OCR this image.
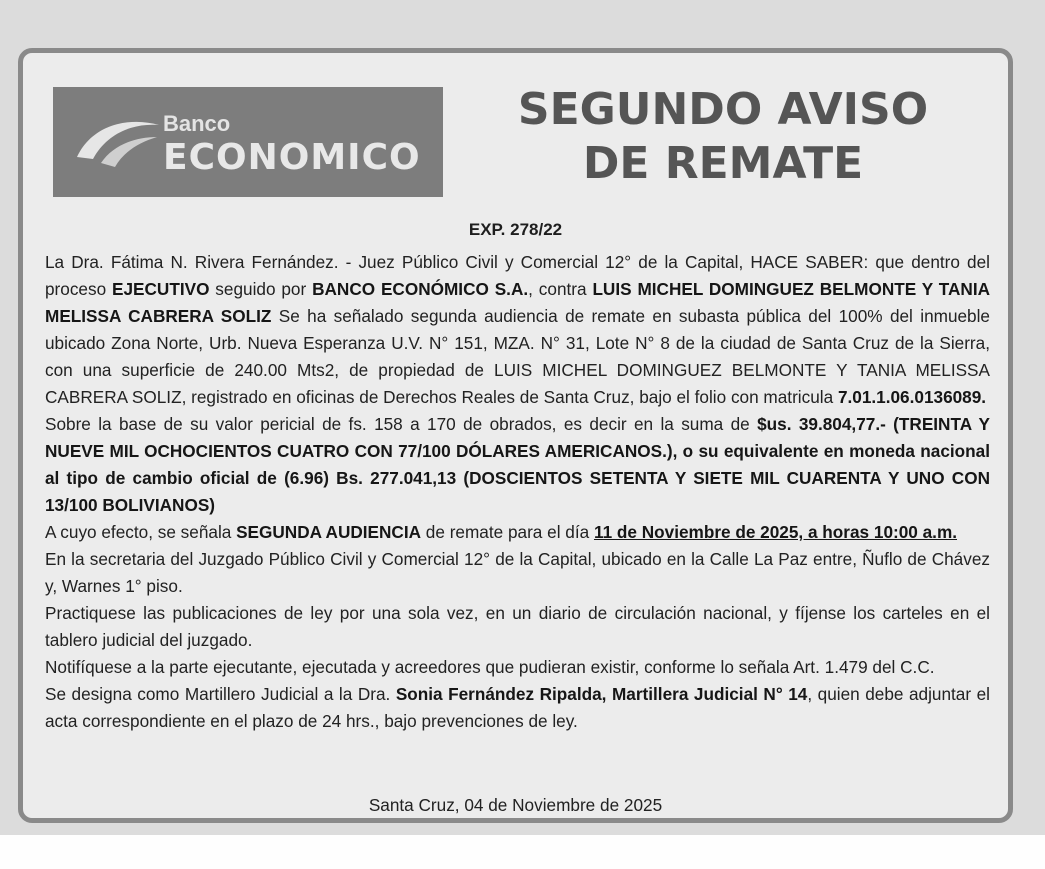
Banco
ECONOMICO
SEGUNDO AVISO
DE REMATE
EXP. 278/22

La Dra. Fátima N. Rivera Fernández. - Juez Público Civil y Comercial 12° de la Capital, HACE SABER: que dentro del proceso EJECUTIVO seguido por BANCO ECONÓMICO S.A., contra LUIS MICHEL DOMINGUEZ BELMONTE Y TANIA MELISSA CABRERA SOLIZ Se ha señalado segunda audiencia de remate en subasta pública del 100% del inmueble ubicado Zona Norte, Urb. Nueva Esperanza U.V. N° 151, MZA. N° 31, Lote N° 8 de la ciudad de Santa Cruz de la Sierra, con una superficie de 240.00 Mts2, de propiedad de LUIS MICHEL DOMINGUEZ BELMONTE Y TANIA MELISSA CABRERA SOLIZ, registrado en oficinas de Derechos Reales de Santa Cruz, bajo el folio con matricula 7.01.1.06.0136089.

Sobre la base de su valor pericial de fs. 158 a 170 de obrados, es decir en la suma de $us. 39.804,77.- (TREINTA Y NUEVE MIL OCHOCIENTOS CUATRO CON 77/100 DÓLARES AMERICANOS.), o su equivalente en moneda nacional al tipo de cambio oficial de (6.96) Bs. 277.041,13 (DOSCIENTOS SETENTA Y SIETE MIL CUARENTA Y UNO CON 13/100 BOLIVIANOS)

A cuyo efecto, se señala SEGUNDA AUDIENCIA de remate para el día 11 de Noviembre de 2025, a horas 10:00 a.m.

En la secretaria del Juzgado Público Civil y Comercial 12° de la Capital, ubicado en la Calle La Paz entre, Ñuflo de Chávez y, Warnes 1° piso.

Practiquese las publicaciones de ley por una sola vez, en un diario de circulación nacional, y fíjense los carteles en el tablero judicial del juzgado.

Notifíquese a la parte ejecutante, ejecutada y acreedores que pudieran existir, conforme lo señala Art. 1.479 del C.C.

Se designa como Martillero Judicial a la Dra. Sonia Fernández Ripalda, Martillera Judicial N° 14, quien debe adjuntar el acta correspondiente en el plazo de 24 hrs., bajo prevenciones de ley.

Santa Cruz, 04 de Noviembre de 2025
